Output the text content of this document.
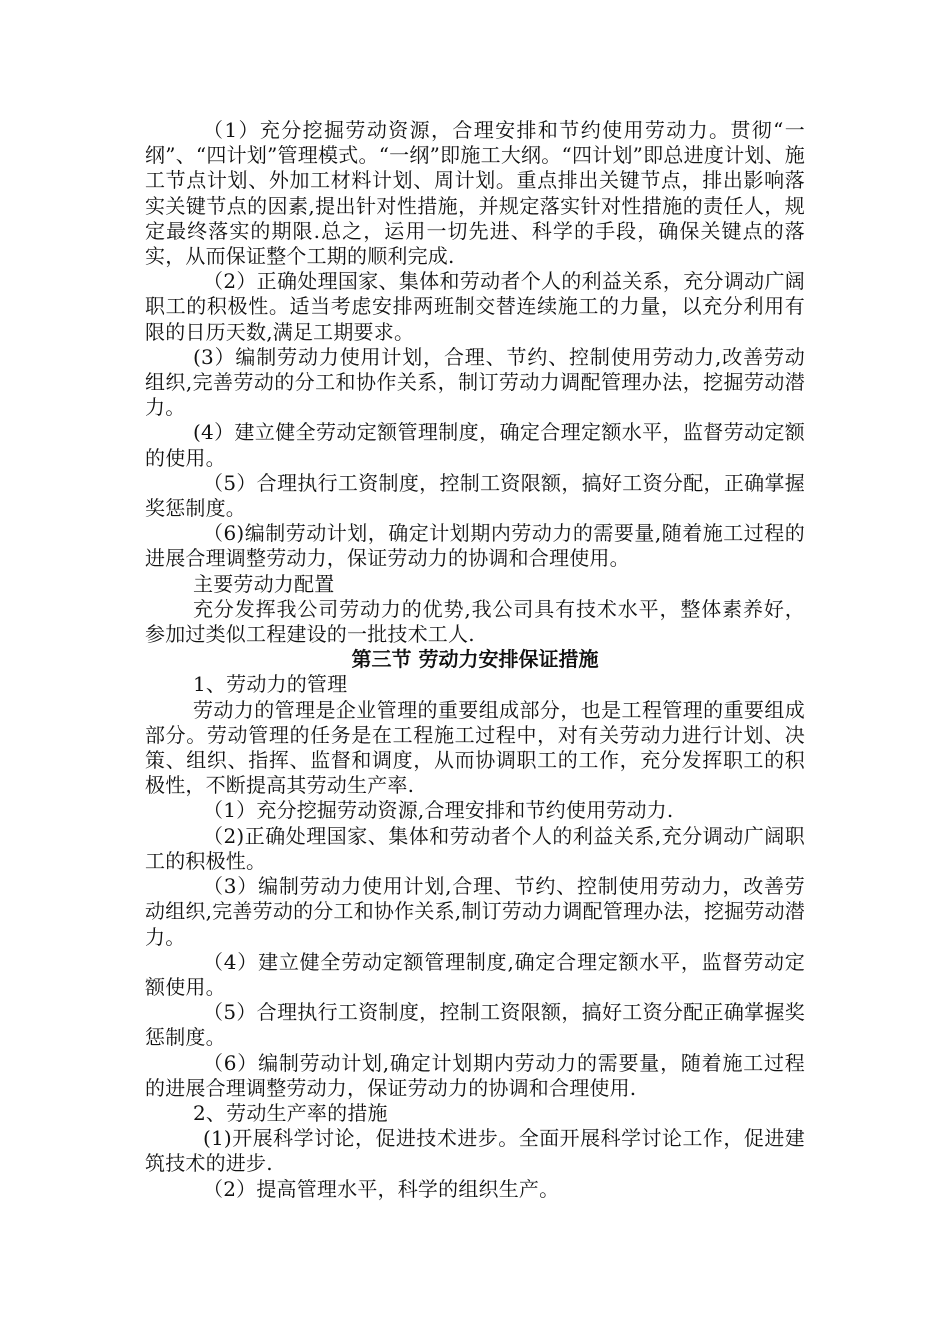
（1）充分挖掘劳动资源，合理安排和节约使用劳动力。贯彻“一纲”、“四计划”管理模式。“一纲”即施工大纲。“四计划”即总进度计划、施工节点计划、外加工材料计划、周计划。重点排出关键节点，排出影响落实关键节点的因素,提出针对性措施，并规定落实针对性措施的责任人，规定最终落实的期限.总之，运用一切先进、科学的手段，确保关键点的落实，从而保证整个工期的顺利完成.

（2）正确处理国家、集体和劳动者个人的利益关系，充分调动广阔职工的积极性。适当考虑安排两班制交替连续施工的力量，以充分利用有限的日历天数,满足工期要求。

(3）编制劳动力使用计划，合理、节约、控制使用劳动力,改善劳动组织,完善劳动的分工和协作关系，制订劳动力调配管理办法，挖掘劳动潜力。

(4）建立健全劳动定额管理制度，确定合理定额水平，监督劳动定额的使用。

（5）合理执行工资制度，控制工资限额，搞好工资分配，正确掌握奖惩制度。

（6)编制劳动计划，确定计划期内劳动力的需要量,随着施工过程的进展合理调整劳动力，保证劳动力的协调和合理使用。

主要劳动力配置

充分发挥我公司劳动力的优势,我公司具有技术水平，整体素养好，参加过类似工程建设的一批技术工人.

第三节 劳动力安排保证措施

1、劳动力的管理

劳动力的管理是企业管理的重要组成部分，也是工程管理的重要组成部分。劳动管理的任务是在工程施工过程中，对有关劳动力进行计划、决策、组织、指挥、监督和调度，从而协调职工的工作，充分发挥职工的积极性，不断提高其劳动生产率.

（1）充分挖掘劳动资源,合理安排和节约使用劳动力.

（2)正确处理国家、集体和劳动者个人的利益关系,充分调动广阔职工的积极性。

（3）编制劳动力使用计划,合理、节约、控制使用劳动力，改善劳动组织,完善劳动的分工和协作关系,制订劳动力调配管理办法，挖掘劳动潜力。

（4）建立健全劳动定额管理制度,确定合理定额水平，监督劳动定额使用。

（5）合理执行工资制度，控制工资限额，搞好工资分配正确掌握奖惩制度。

（6）编制劳动计划,确定计划期内劳动力的需要量，随着施工过程的进展合理调整劳动力，保证劳动力的协调和合理使用.

2、劳动生产率的措施

(1)开展科学讨论，促进技术进步。全面开展科学讨论工作，促进建筑技术的进步.

（2）提高管理水平，科学的组织生产。
